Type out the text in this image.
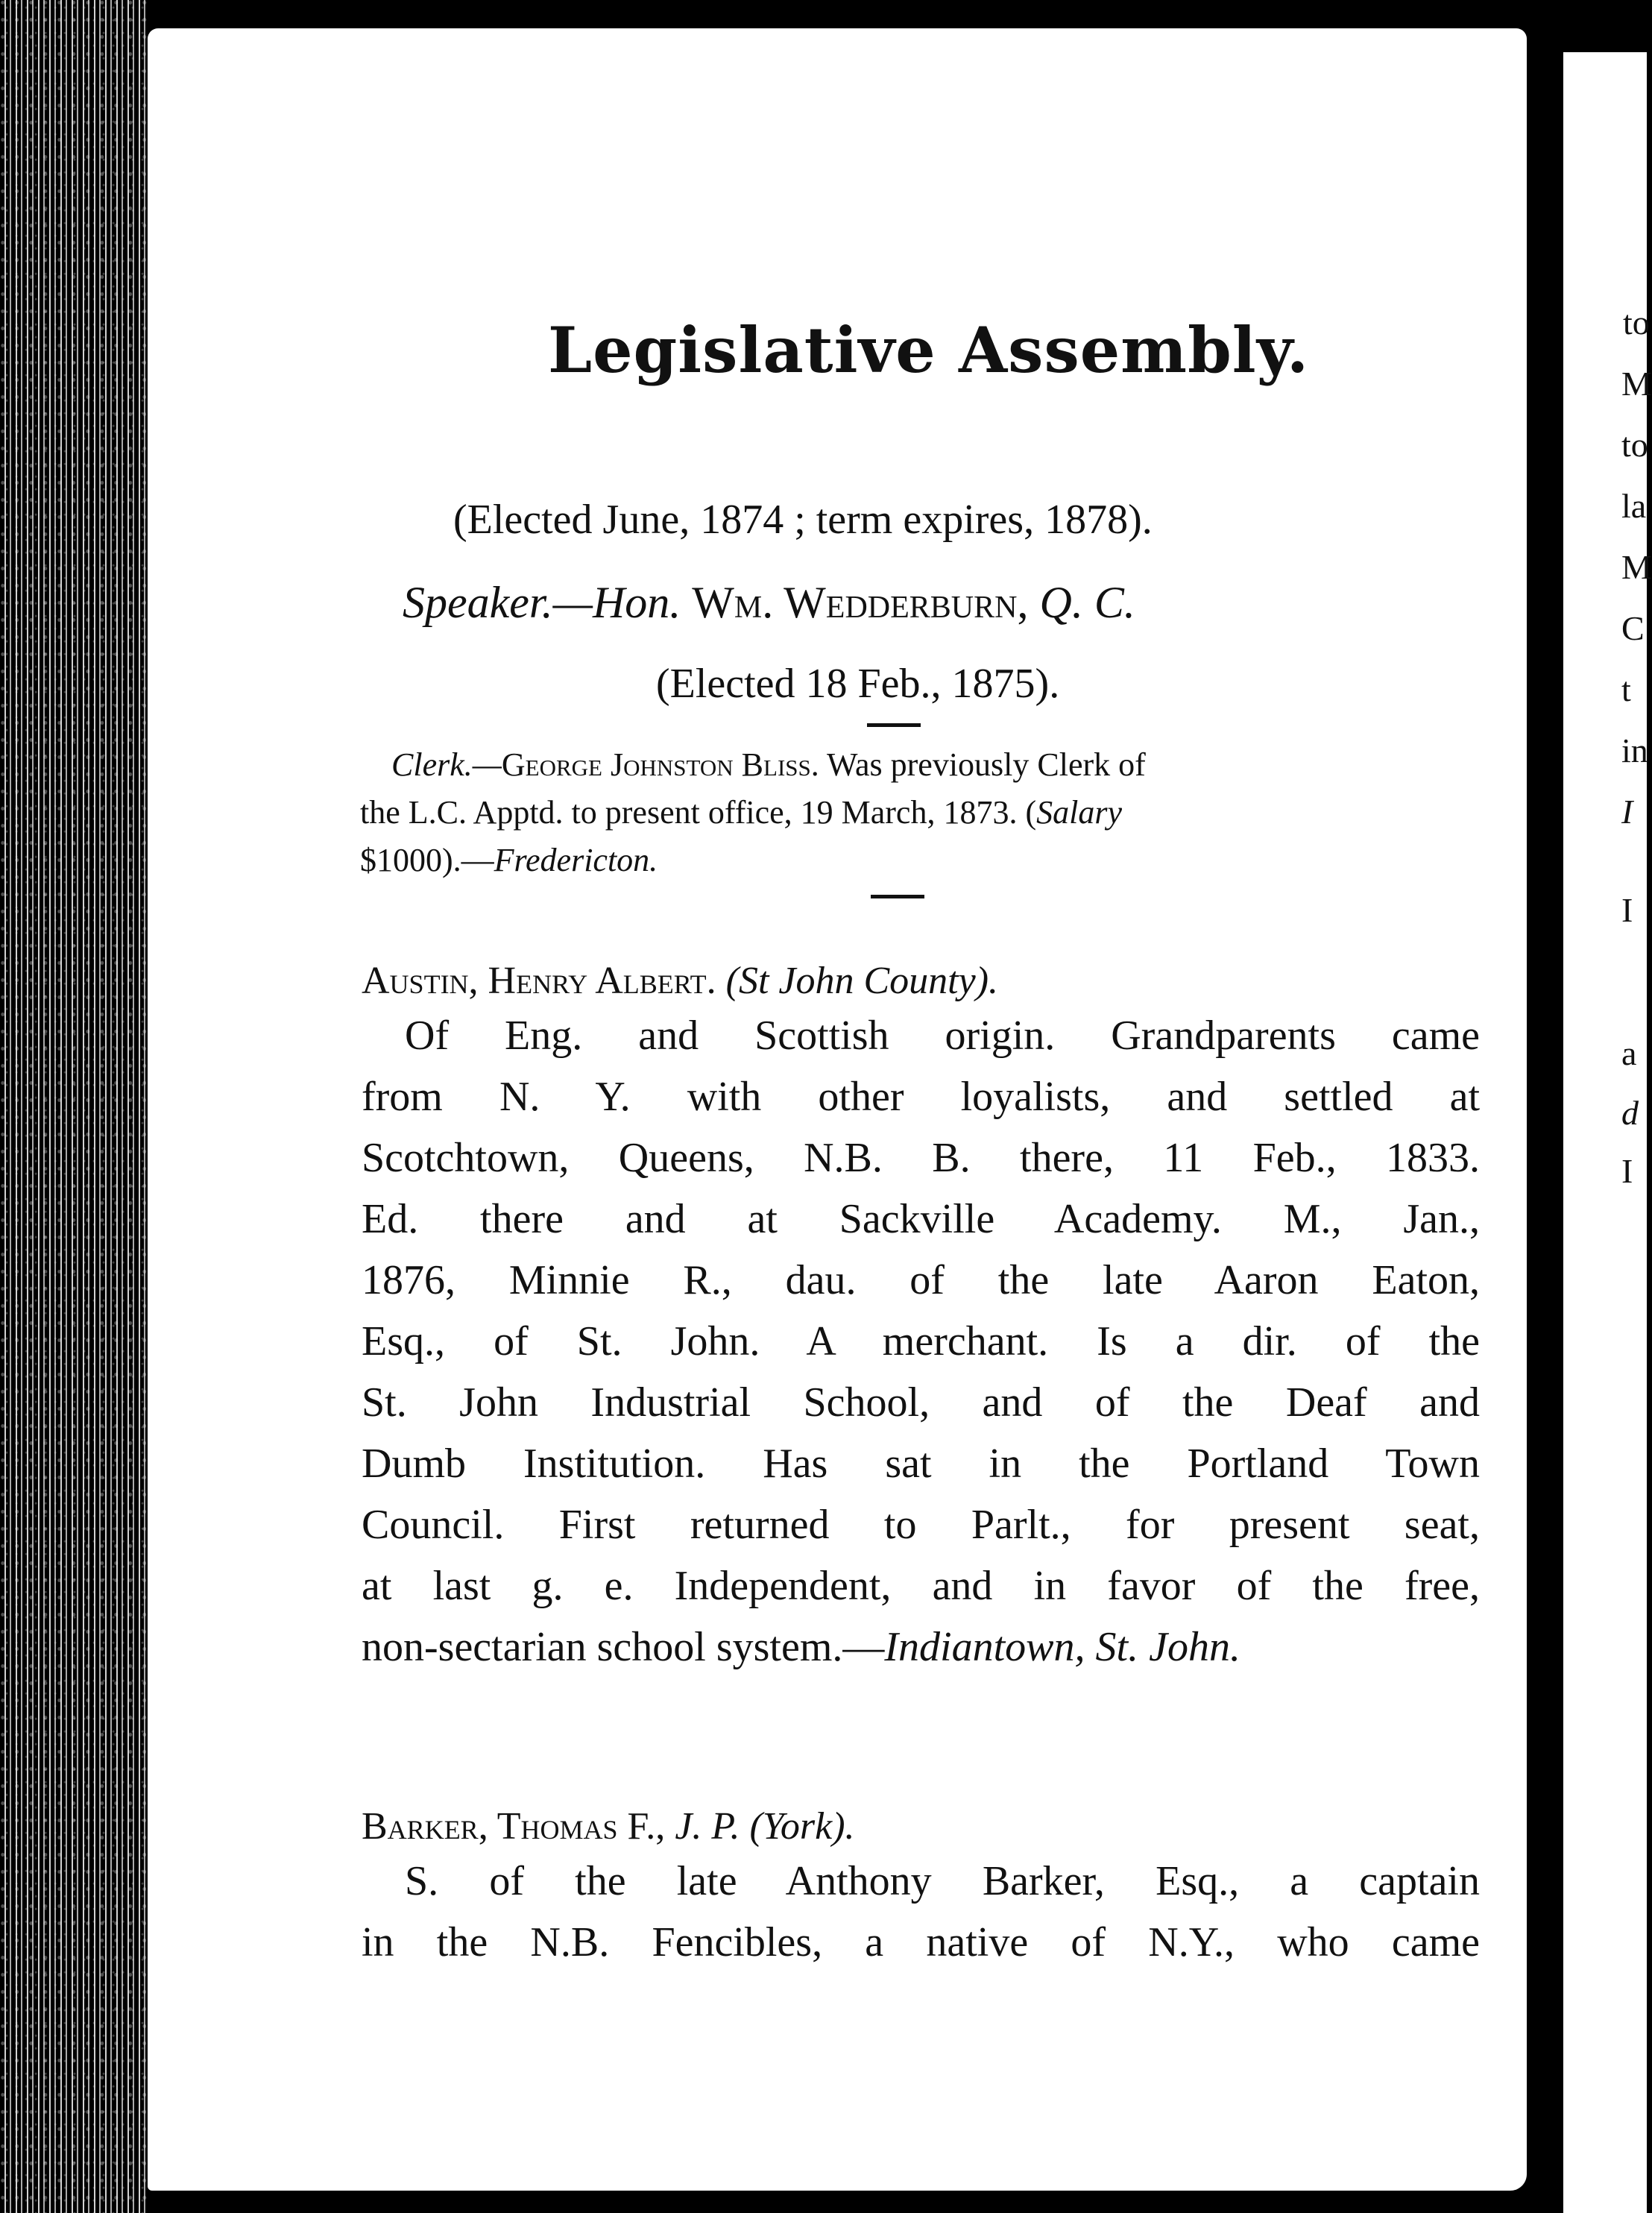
to
M
to
la
M
C
t
in
I
I
a
d
I
Legislative Assembly.
(Elected June, 1874 ; term expires, 1878).
Speaker.—Hon. Wm. Wedderburn, Q. C.
(Elected 18 Feb., 1875).
Clerk.—George Johnston Bliss. Was previously Clerk of
the L.C. Apptd. to present office, 19 March, 1873. (Salary
$1000).—Fredericton.
Austin, Henry Albert. (St John County).
Of Eng. and Scottish origin. Grandparents came
from N. Y. with other loyalists, and settled at
Scotchtown, Queens, N.B. B. there, 11 Feb., 1833.
Ed. there and at Sackville Academy. M., Jan.,
1876, Minnie R., dau. of the late Aaron Eaton,
Esq., of St. John. A merchant. Is a dir. of the
St. John Industrial School, and of the Deaf and
Dumb Institution. Has sat in the Portland Town
Council. First returned to Parlt., for present seat,
at last g. e. Independent, and in favor of the free,
non-sectarian school system.—Indiantown, St. John.
Barker, Thomas F., J. P. (York).
S. of the late Anthony Barker, Esq., a captain
in the N.B. Fencibles, a native of N.Y., who came
